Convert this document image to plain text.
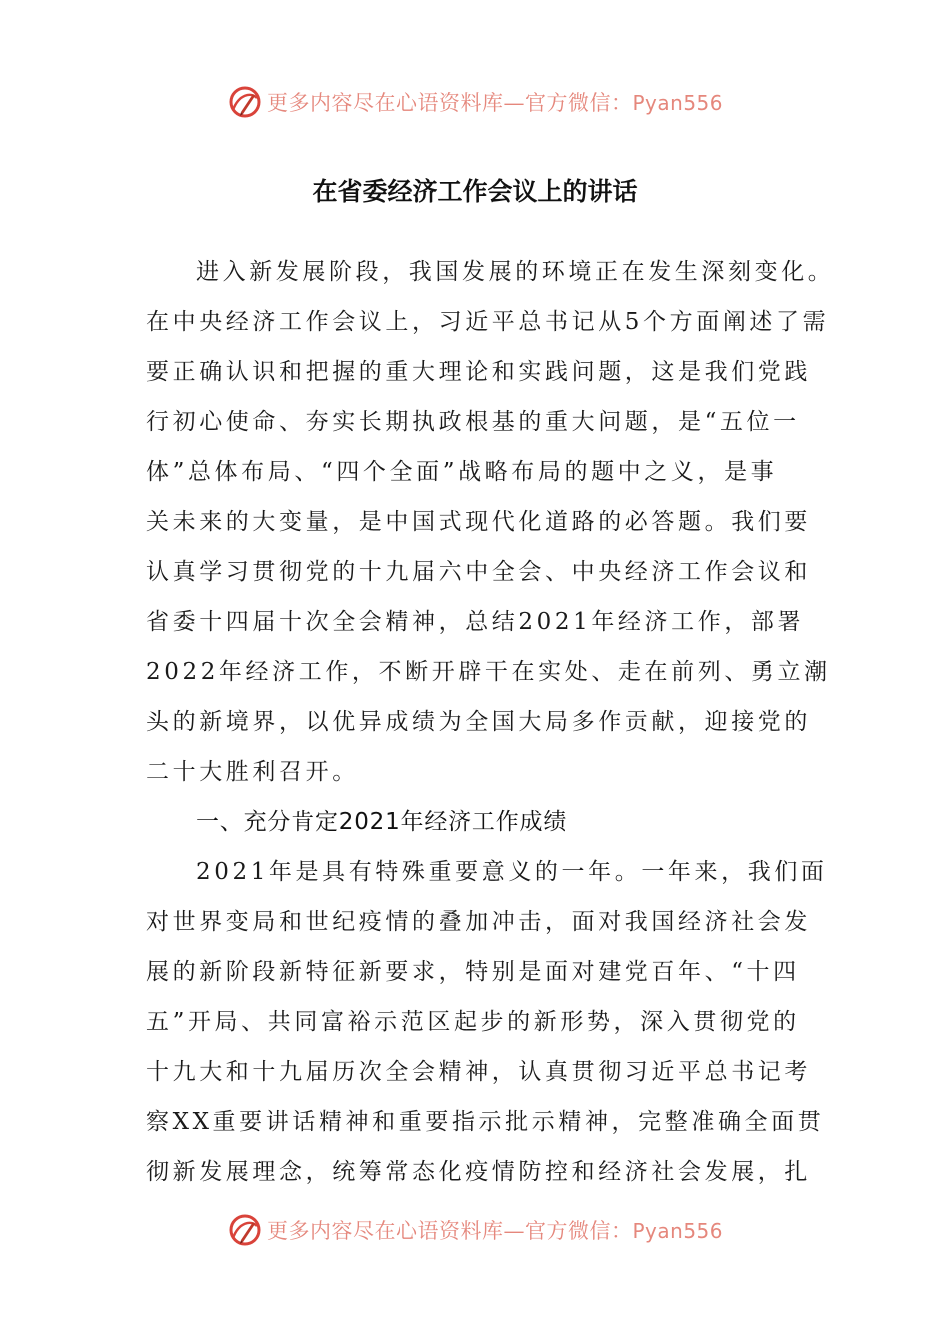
更多内容尽在心语资料库—官方微信：Pyan556
在省委经济工作会议上的讲话
进入新发展阶段，我国发展的环境正在发生深刻变化。
在中央经济工作会议上，习近平总书记从5个方面阐述了需
要正确认识和把握的重大理论和实践问题，这是我们党践
行初心使命、夯实长期执政根基的重大问题，是“五位一
体”总体布局、“四个全面”战略布局的题中之义，是事
关未来的大变量，是中国式现代化道路的必答题。我们要
认真学习贯彻党的十九届六中全会、中央经济工作会议和
省委十四届十次全会精神，总结2021年经济工作，部署
2022年经济工作，不断开辟干在实处、走在前列、勇立潮
头的新境界，以优异成绩为全国大局多作贡献，迎接党的
二十大胜利召开。
一、充分肯定2021年经济工作成绩
2021年是具有特殊重要意义的一年。一年来，我们面
对世界变局和世纪疫情的叠加冲击，面对我国经济社会发
展的新阶段新特征新要求，特别是面对建党百年、“十四
五”开局、共同富裕示范区起步的新形势，深入贯彻党的
十九大和十九届历次全会精神，认真贯彻习近平总书记考
察XX重要讲话精神和重要指示批示精神，完整准确全面贯
彻新发展理念，统筹常态化疫情防控和经济社会发展，扎
更多内容尽在心语资料库—官方微信：Pyan556
